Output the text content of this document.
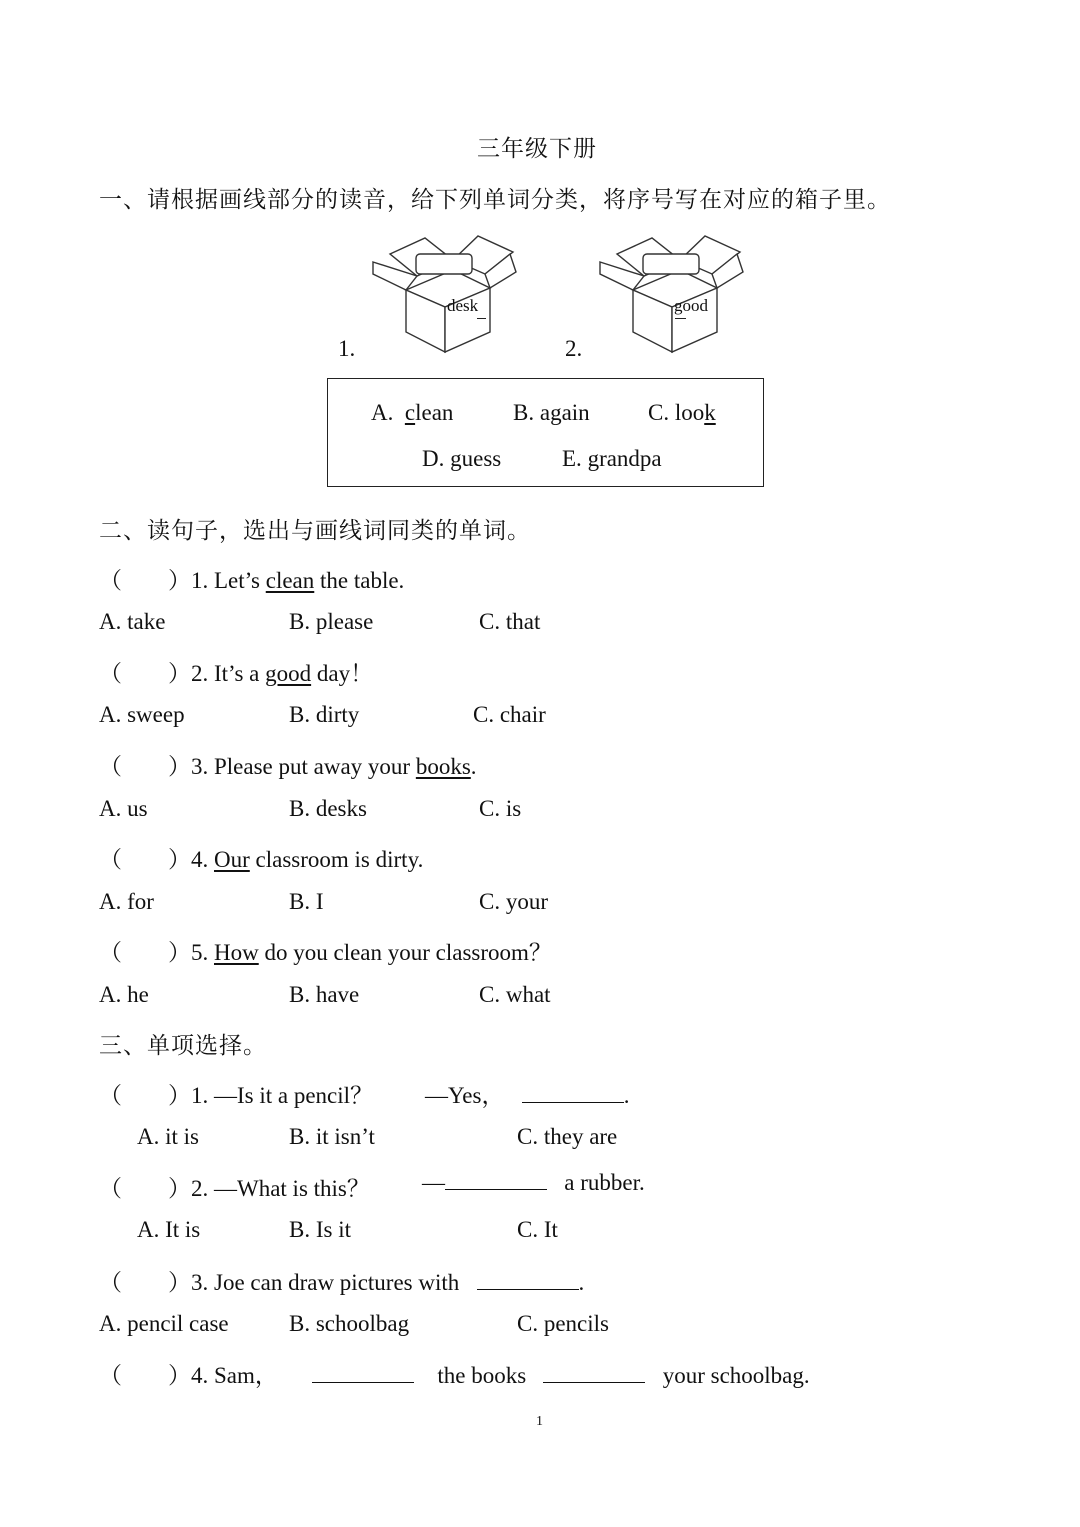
三年级下册
一、请根据画线部分的读音，给下列单词分类，将序号写在对应的箱子里。
desk
1.
good
2.
A. clean	B. again	C. look
D. guess	E. grandpa
二、读句子，选出与画线词同类的单词。
（　　）1. Let’s clean the table.
A. take	B. please	C. that
（　　）2. It’s a good day！
A. sweep	B. dirty	C. chair
（　　）3. Please put away your books.
A. us	B. desks	C. is
（　　）4. Our classroom is dirty.
A. for	B. I	C. your
（　　）5. How do you clean your classroom？
A. he	B. have	C. what
三、单项选择。
（　　）1. —Is it a pencil？ —Yes，	.
A. it is	B. it isn’t	C. they are
（　　）2. —What is this？ —	a rubber.
A. It is	B. Is it	C. It
（　　）3. Joe can draw pictures with	.
A. pencil case	B. schoolbag	C. pencils
（　　）4. Sam，	the books	your schoolbag.
1
